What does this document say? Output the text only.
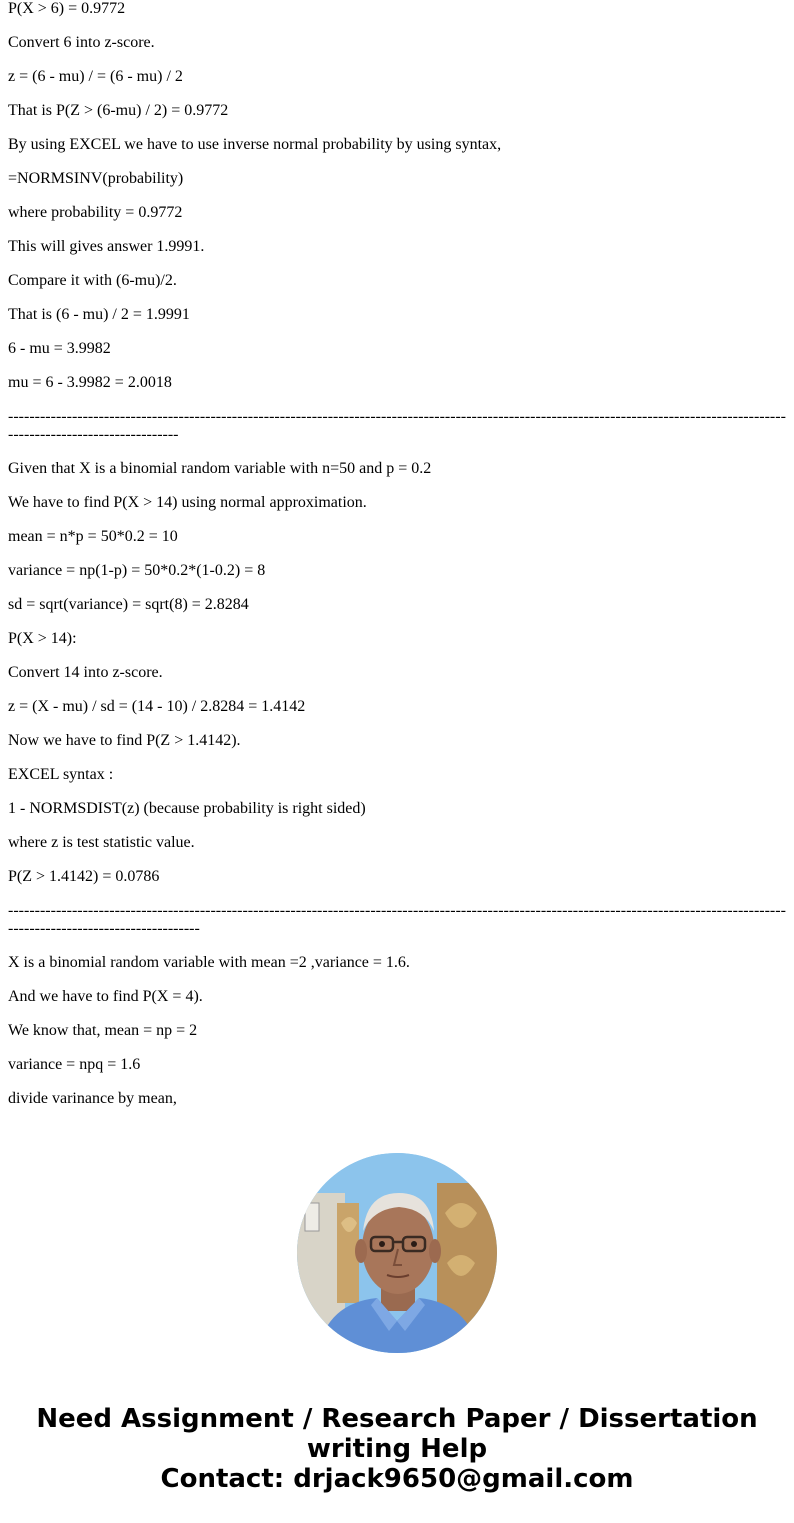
P(X > 6) = 0.9772
Convert 6 into z-score.
z = (6 - mu) / = (6 - mu) / 2
That is P(Z > (6-mu) / 2) = 0.9772
By using EXCEL we have to use inverse normal probability by using syntax,
=NORMSINV(probability)
where probability = 0.9772
This will gives answer 1.9991.
Compare it with (6-mu)/2.
That is (6 - mu) / 2 = 1.9991
6 - mu = 3.9982
mu = 6 - 3.9982 = 2.0018
----------------------------------------------------------------------------------------------------------------------------------------------------------------------------------
Given that X is a binomial random variable with n=50 and p = 0.2
We have to find P(X > 14) using normal approximation.
mean = n*p = 50*0.2 = 10
variance = np(1-p) = 50*0.2*(1-0.2) = 8
sd = sqrt(variance) = sqrt(8) = 2.8284
P(X > 14):
Convert 14 into z-score.
z = (X - mu) / sd = (14 - 10) / 2.8284 = 1.4142
Now we have to find P(Z > 1.4142).
EXCEL syntax :
1 - NORMSDIST(z) (because probability is right sided)
where z is test statistic value.
P(Z > 1.4142) = 0.0786
--------------------------------------------------------------------------------------------------------------------------------------------------------------------------------------
X is a binomial random variable with mean =2 ,variance = 1.6.
And we have to find P(X = 4).
We know that, mean = np = 2
variance = npq = 1.6
divide varinance by mean,
Need Assignment / Research Paper / Dissertation
writing Help
Contact: drjack9650@gmail.com
